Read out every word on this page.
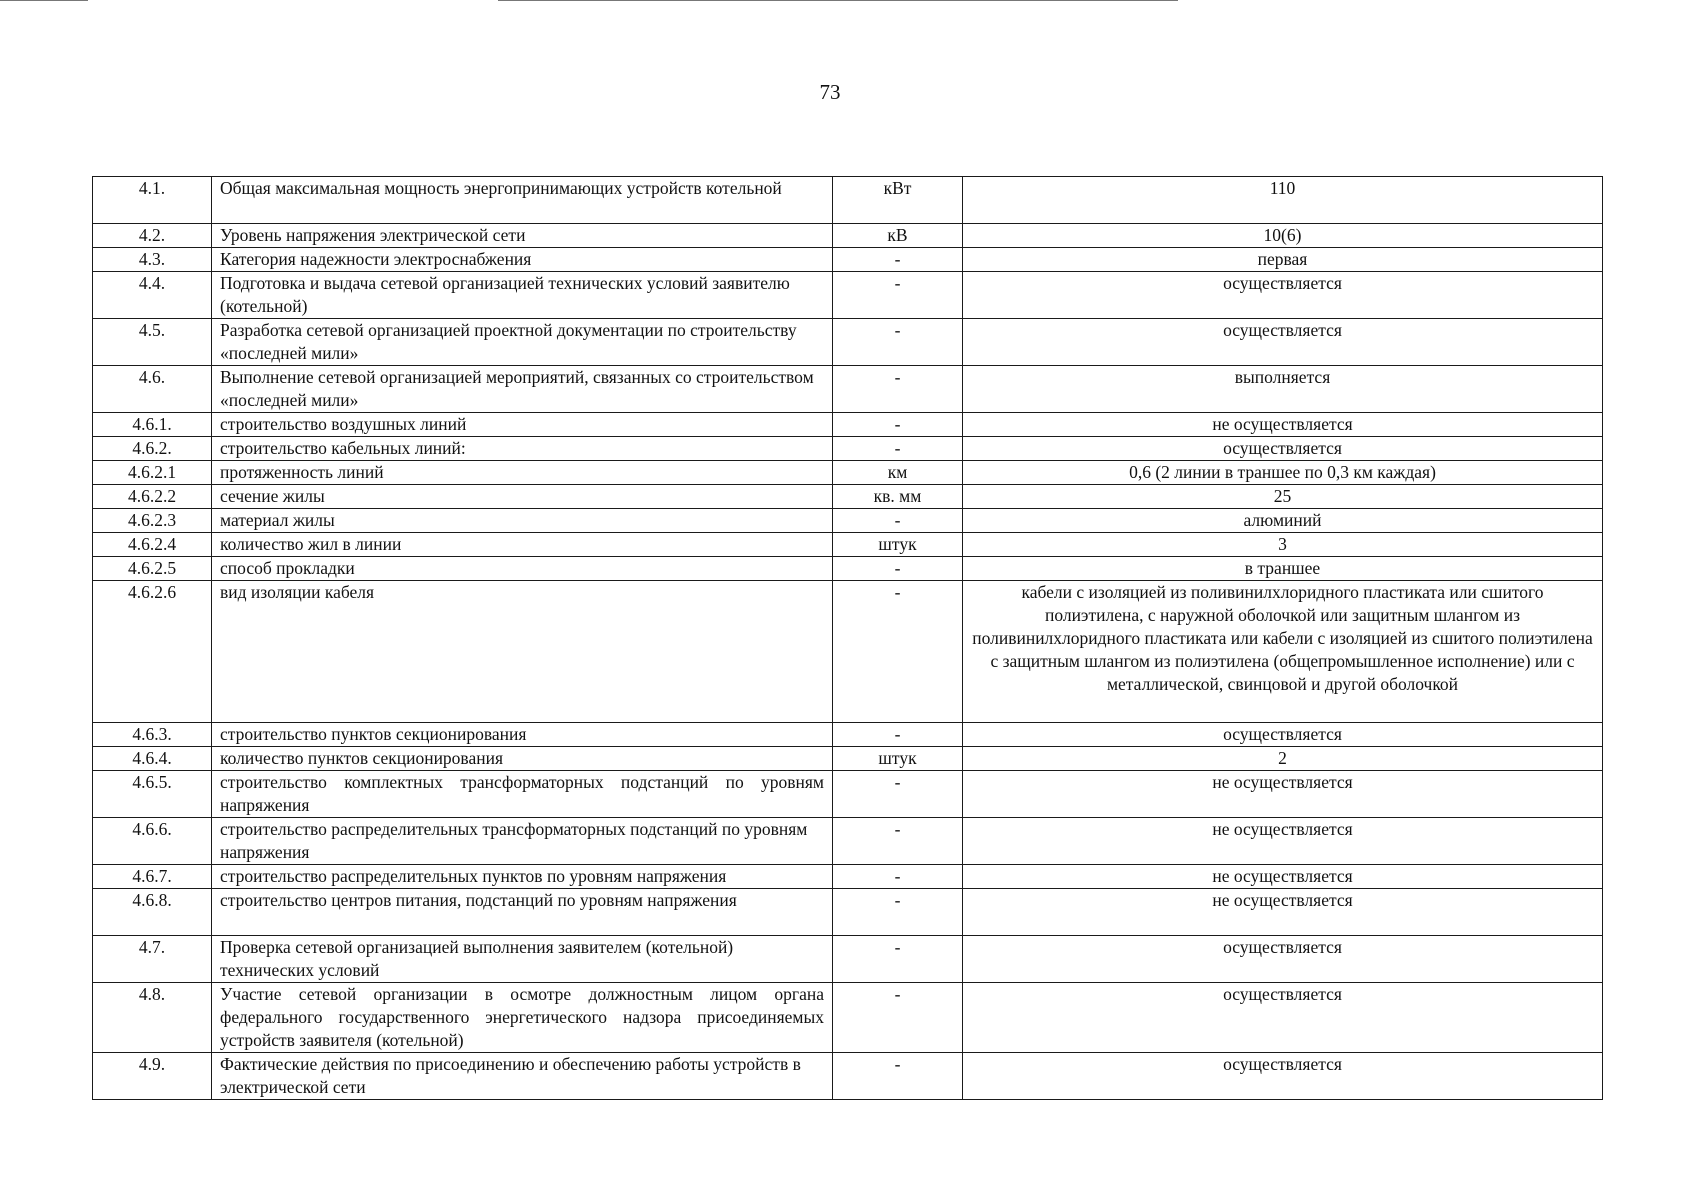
73
4.1.	Общая максимальная мощность энергопринимающих устройств котельной	кВт	110
4.2.	Уровень напряжения электрической сети	кВ	10(6)
4.3.	Категория надежности электроснабжения	-	первая
4.4.	Подготовка и выдача сетевой организацией технических условий заявителю (котельной)	-	осуществляется
4.5.	Разработка сетевой организацией проектной документации по строительству «последней мили»	-	осуществляется
4.6.	Выполнение сетевой организацией мероприятий, связанных со строительством «последней мили»	-	выполняется
4.6.1.	строительство воздушных линий	-	не осуществляется
4.6.2.	строительство кабельных линий:	-	осуществляется
4.6.2.1	протяженность линий	км	0,6 (2 линии в траншее по 0,3 км каждая)
4.6.2.2	сечение жилы	кв. мм	25
4.6.2.3	материал жилы	-	алюминий
4.6.2.4	количество жил в линии	штук	3
4.6.2.5	способ прокладки	-	в траншее
4.6.2.6	вид изоляции кабеля	-	кабели с изоляцией из поливинилхлоридного пластиката или сшитого полиэтилена, с наружной оболочкой или защитным шлангом из поливинилхлоридного пластиката или кабели с изоляцией из сшитого полиэтилена с защитным шлангом из полиэтилена (общепромышленное исполнение) или с металлической, свинцовой и другой оболочкой
4.6.3.	строительство пунктов секционирования	-	осуществляется
4.6.4.	количество пунктов секционирования	штук	2
4.6.5.	строительство комплектных трансформаторных подстанций по уровням напряжения	-	не осуществляется
4.6.6.	строительство распределительных трансформаторных подстанций по уровням напряжения	-	не осуществляется
4.6.7.	строительство распределительных пунктов по уровням напряжения	-	не осуществляется
4.6.8.	строительство центров питания, подстанций по уровням напряжения	-	не осуществляется
4.7.	Проверка сетевой организацией выполнения заявителем (котельной) технических условий	-	осуществляется
4.8.	Участие сетевой организации в осмотре должностным лицом органа федерального государственного энергетического надзора присоединяемых устройств заявителя (котельной)	-	осуществляется
4.9.	Фактические действия по присоединению и обеспечению работы устройств в электрической сети	-	осуществляется
